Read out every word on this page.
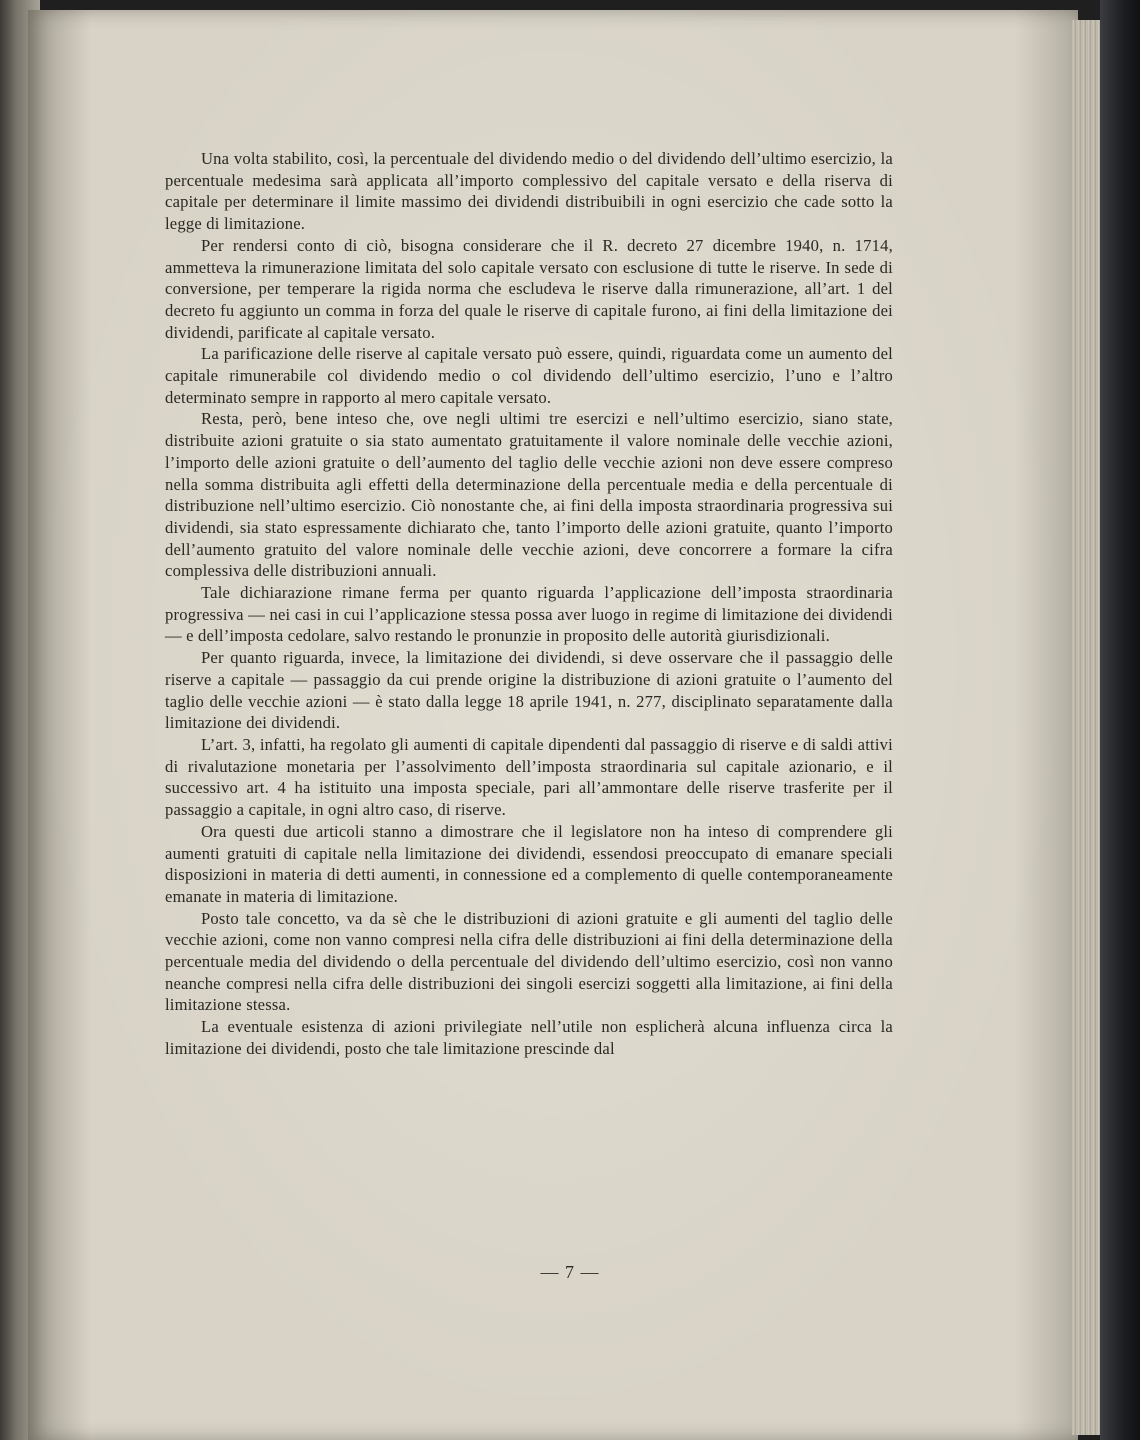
Una volta stabilito, così, la percentuale del dividendo medio o del dividendo dell’ultimo esercizio, la percentuale medesima sarà applicata all’importo complessivo del capitale versato e della riserva di capitale per determinare il limite massimo dei dividendi distribuibili in ogni esercizio che cade sotto la legge di limitazione.

Per rendersi conto di ciò, bisogna considerare che il R. decreto 27 dicembre 1940, n. 1714, ammetteva la rimunerazione limitata del solo capitale versato con esclusione di tutte le riserve. In sede di conversione, per temperare la rigida norma che escludeva le riserve dalla rimunerazione, all’art. 1 del decreto fu aggiunto un comma in forza del quale le riserve di capitale furono, ai fini della limitazione dei dividendi, parificate al capitale versato.

La parificazione delle riserve al capitale versato può essere, quindi, riguardata come un aumento del capitale rimunerabile col dividendo medio o col dividendo dell’ultimo esercizio, l’uno e l’altro determinato sempre in rapporto al mero capitale versato.

Resta, però, bene inteso che, ove negli ultimi tre esercizi e nell’ultimo esercizio, siano state, distribuite azioni gratuite o sia stato aumentato gratuitamente il valore nominale delle vecchie azioni, l’importo delle azioni gratuite o dell’aumento del taglio delle vecchie azioni non deve essere compreso nella somma distribuita agli effetti della determinazione della percentuale media e della percentuale di distribuzione nell’ultimo esercizio. Ciò nonostante che, ai fini della imposta straordinaria progressiva sui dividendi, sia stato espressamente dichiarato che, tanto l’importo delle azioni gratuite, quanto l’importo dell’aumento gratuito del valore nominale delle vecchie azioni, deve concorrere a formare la cifra complessiva delle distribuzioni annuali.

Tale dichiarazione rimane ferma per quanto riguarda l’applicazione dell’imposta straordinaria progressiva — nei casi in cui l’applicazione stessa possa aver luogo in regime di limitazione dei dividendi — e dell’imposta cedolare, salvo restando le pronunzie in proposito delle autorità giurisdizionali.

Per quanto riguarda, invece, la limitazione dei dividendi, si deve osservare che il passaggio delle riserve a capitale — passaggio da cui prende origine la distribuzione di azioni gratuite o l’aumento del taglio delle vecchie azioni — è stato dalla legge 18 aprile 1941, n. 277, disciplinato separatamente dalla limitazione dei dividendi.

L’art. 3, infatti, ha regolato gli aumenti di capitale dipendenti dal passaggio di riserve e di saldi attivi di rivalutazione monetaria per l’assolvimento dell’imposta straordinaria sul capitale azionario, e il successivo art. 4 ha istituito una imposta speciale, pari all’ammontare delle riserve trasferite per il passaggio a capitale, in ogni altro caso, di riserve.

Ora questi due articoli stanno a dimostrare che il legislatore non ha inteso di comprendere gli aumenti gratuiti di capitale nella limitazione dei dividendi, essendosi preoccupato di emanare speciali disposizioni in materia di detti aumenti, in connessione ed a complemento di quelle contemporaneamente emanate in materia di limitazione.

Posto tale concetto, va da sè che le distribuzioni di azioni gratuite e gli aumenti del taglio delle vecchie azioni, come non vanno compresi nella cifra delle distribuzioni ai fini della determinazione della percentuale media del dividendo o della percentuale del dividendo dell’ultimo esercizio, così non vanno neanche compresi nella cifra delle distribuzioni dei singoli esercizi soggetti alla limitazione, ai fini della limitazione stessa.

La eventuale esistenza di azioni privilegiate nell’utile non esplicherà alcuna influenza circa la limitazione dei dividendi, posto che tale limitazione prescinde dal

— 7 —
